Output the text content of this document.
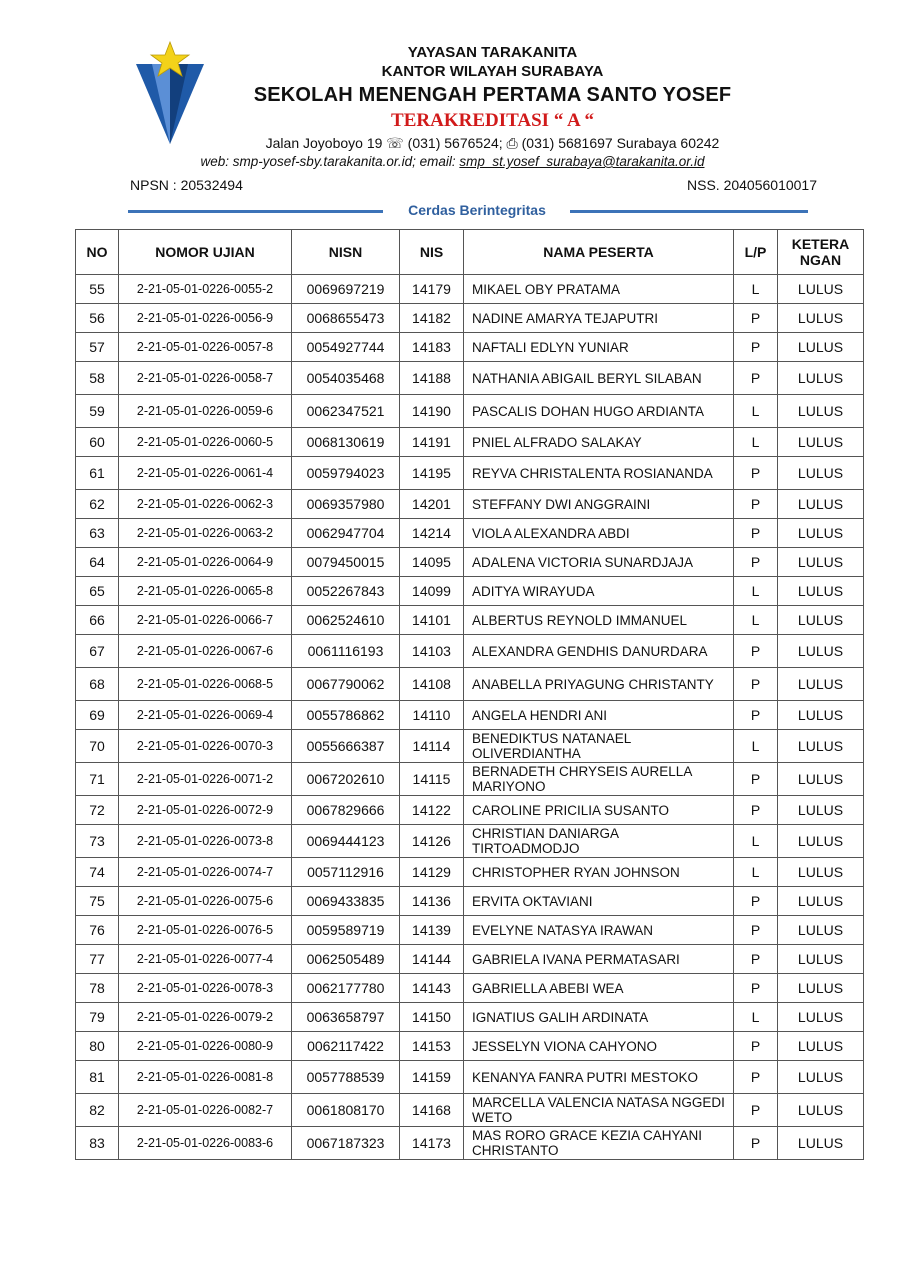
YAYASAN TARAKANITA
KANTOR WILAYAH SURABAYA
SEKOLAH MENENGAH PERTAMA SANTO YOSEF
TERAKREDITASI “ A “
Jalan Joyoboyo 19 ☏ (031) 5676524; ⎙ (031) 5681697 Surabaya 60242
web: smp-yosef-sby.tarakanita.or.id; email: smp_st.yosef_surabaya@tarakanita.or.id
NPSN : 20532494	NSS. 204056010017
Cerdas Berintegritas
NO	NOMOR UJIAN	NISN	NIS	NAMA PESERTA	L/P	KETERA NGAN
55	2-21-05-01-0226-0055-2	0069697219	14179	MIKAEL OBY PRATAMA	L	LULUS
56	2-21-05-01-0226-0056-9	0068655473	14182	NADINE AMARYA TEJAPUTRI	P	LULUS
57	2-21-05-01-0226-0057-8	0054927744	14183	NAFTALI EDLYN YUNIAR	P	LULUS
58	2-21-05-01-0226-0058-7	0054035468	14188	NATHANIA ABIGAIL BERYL SILABAN	P	LULUS
59	2-21-05-01-0226-0059-6	0062347521	14190	PASCALIS DOHAN HUGO ARDIANTA	L	LULUS
60	2-21-05-01-0226-0060-5	0068130619	14191	PNIEL ALFRADO SALAKAY	L	LULUS
61	2-21-05-01-0226-0061-4	0059794023	14195	REYVA CHRISTALENTA ROSIANANDA	P	LULUS
62	2-21-05-01-0226-0062-3	0069357980	14201	STEFFANY DWI ANGGRAINI	P	LULUS
63	2-21-05-01-0226-0063-2	0062947704	14214	VIOLA ALEXANDRA ABDI	P	LULUS
64	2-21-05-01-0226-0064-9	0079450015	14095	ADALENA VICTORIA SUNARDJAJA	P	LULUS
65	2-21-05-01-0226-0065-8	0052267843	14099	ADITYA WIRAYUDA	L	LULUS
66	2-21-05-01-0226-0066-7	0062524610	14101	ALBERTUS REYNOLD IMMANUEL	L	LULUS
67	2-21-05-01-0226-0067-6	0061116193	14103	ALEXANDRA GENDHIS DANURDARA	P	LULUS
68	2-21-05-01-0226-0068-5	0067790062	14108	ANABELLA PRIYAGUNG CHRISTANTY	P	LULUS
69	2-21-05-01-0226-0069-4	0055786862	14110	ANGELA HENDRI ANI	P	LULUS
70	2-21-05-01-0226-0070-3	0055666387	14114	BENEDIKTUS NATANAEL OLIVERDIANTHA	L	LULUS
71	2-21-05-01-0226-0071-2	0067202610	14115	BERNADETH CHRYSEIS AURELLA MARIYONO	P	LULUS
72	2-21-05-01-0226-0072-9	0067829666	14122	CAROLINE PRICILIA SUSANTO	P	LULUS
73	2-21-05-01-0226-0073-8	0069444123	14126	CHRISTIAN DANIARGA TIRTOADMODJO	L	LULUS
74	2-21-05-01-0226-0074-7	0057112916	14129	CHRISTOPHER RYAN JOHNSON	L	LULUS
75	2-21-05-01-0226-0075-6	0069433835	14136	ERVITA OKTAVIANI	P	LULUS
76	2-21-05-01-0226-0076-5	0059589719	14139	EVELYNE NATASYA IRAWAN	P	LULUS
77	2-21-05-01-0226-0077-4	0062505489	14144	GABRIELA IVANA PERMATASARI	P	LULUS
78	2-21-05-01-0226-0078-3	0062177780	14143	GABRIELLA ABEBI WEA	P	LULUS
79	2-21-05-01-0226-0079-2	0063658797	14150	IGNATIUS GALIH ARDINATA	L	LULUS
80	2-21-05-01-0226-0080-9	0062117422	14153	JESSELYN VIONA CAHYONO	P	LULUS
81	2-21-05-01-0226-0081-8	0057788539	14159	KENANYA FANRA PUTRI MESTOKO	P	LULUS
82	2-21-05-01-0226-0082-7	0061808170	14168	MARCELLA VALENCIA NATASA NGGEDI WETO	P	LULUS
83	2-21-05-01-0226-0083-6	0067187323	14173	MAS RORO GRACE KEZIA CAHYANI CHRISTANTO	P	LULUS
